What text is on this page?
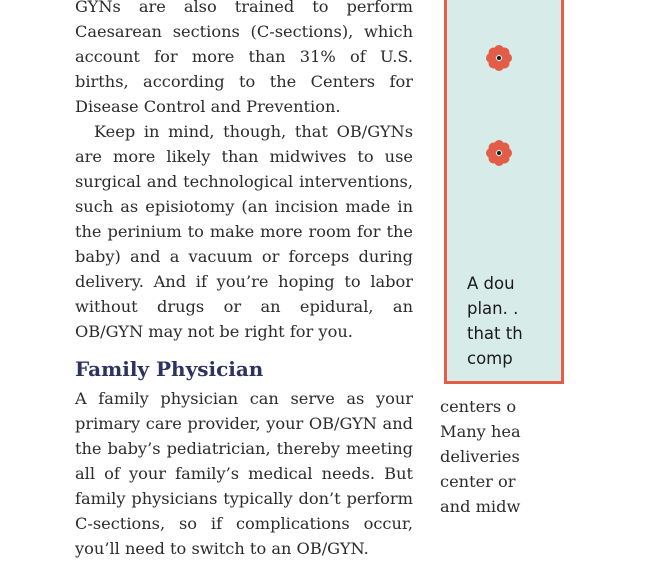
GYNs are also trained to perform Caesarean sections (C-sections), which account for more than 31% of U.S. births, according to the Centers for Disease Control and Prevention.

Keep in mind, though, that OB/GYNs are more likely than midwives to use surgical and technological interventions, such as episiotomy (an incision made in the perinium to make more room for the baby) and a vacuum or forceps during delivery. And if you’re hoping to labor without drugs or an epidural, an OB/GYN may not be right for you.

Family Physician

A family physician can serve as your primary care provider, your OB/GYN and the baby’s pediatrician, thereby meeting all of your family’s medical needs. But family physicians typically don’t perform C-sections, so if complications occur, you’ll need to switch to an OB/GYN.

A dou
plan. .
that th
comp
centers o
Many hea
deliveries
center or
and midw
